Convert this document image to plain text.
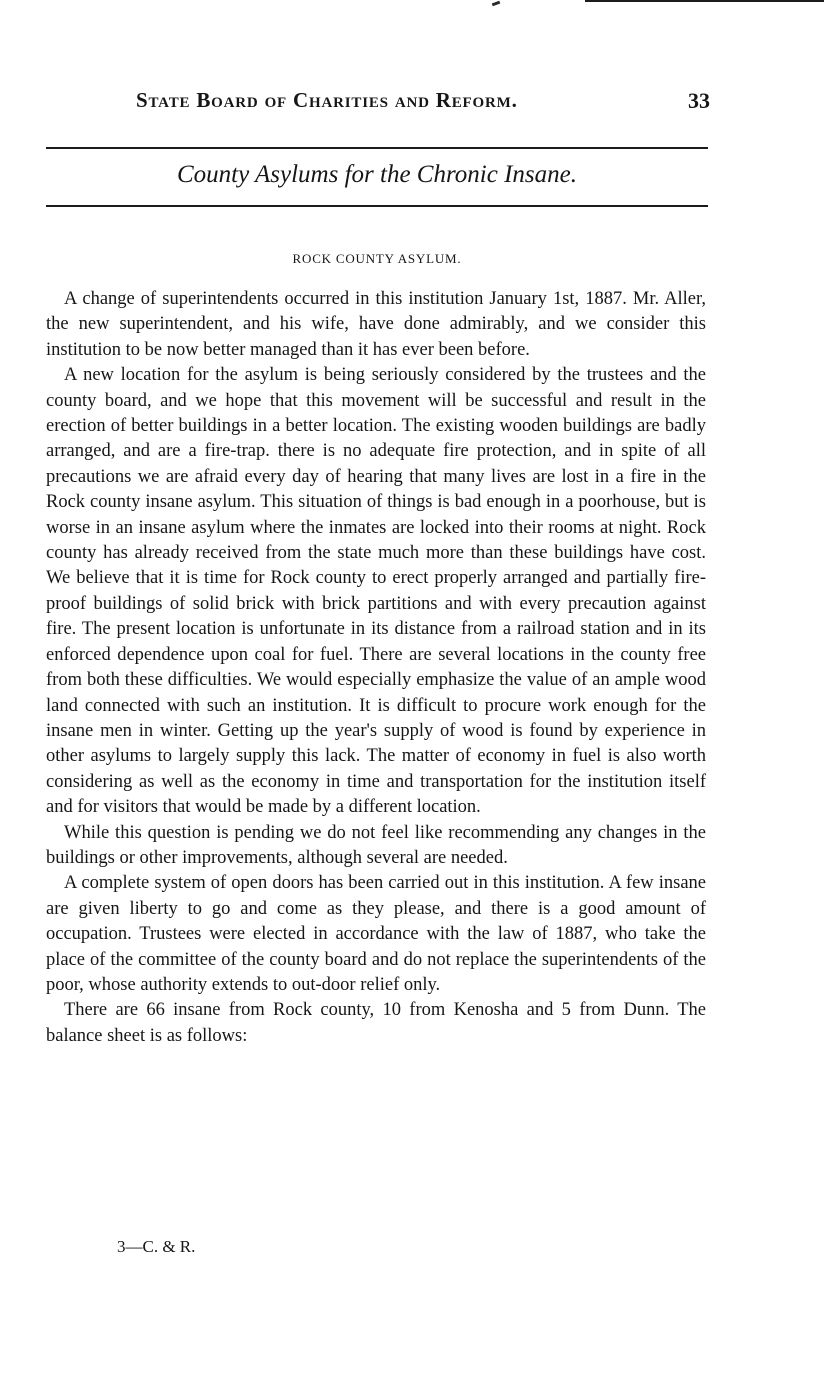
State Board of Charities and Reform.	33
County Asylums for the Chronic Insane.
ROCK COUNTY ASYLUM.

A change of superintendents occurred in this institution January 1st, 1887. Mr. Aller, the new superintendent, and his wife, have done admirably, and we consider this institution to be now better managed than it has ever been before.

A new location for the asylum is being seriously considered by the trustees and the county board, and we hope that this movement will be successful and result in the erection of better buildings in a better location. The existing wooden buildings are badly arranged, and are a fire-trap. there is no adequate fire protection, and in spite of all precautions we are afraid every day of hearing that many lives are lost in a fire in the Rock county insane asylum. This situation of things is bad enough in a poorhouse, but is worse in an insane asylum where the inmates are locked into their rooms at night. Rock county has already received from the state much more than these buildings have cost. We believe that it is time for Rock county to erect properly arranged and partially fire-proof buildings of solid brick with brick partitions and with every precaution against fire. The present location is unfortunate in its distance from a railroad station and in its enforced dependence upon coal for fuel. There are several locations in the county free from both these difficulties. We would especially emphasize the value of an ample wood land connected with such an institution. It is difficult to procure work enough for the insane men in winter. Getting up the year's supply of wood is found by experience in other asylums to largely supply this lack. The matter of economy in fuel is also worth considering as well as the economy in time and transportation for the institution itself and for visitors that would be made by a different location.

While this question is pending we do not feel like recommending any changes in the buildings or other improvements, although several are needed.

A complete system of open doors has been carried out in this institution. A few insane are given liberty to go and come as they please, and there is a good amount of occupation. Trustees were elected in accordance with the law of 1887, who take the place of the committee of the county board and do not replace the superintendents of the poor, whose authority extends to out-door relief only.

There are 66 insane from Rock county, 10 from Kenosha and 5 from Dunn. The balance sheet is as follows:

3—C. & R.
